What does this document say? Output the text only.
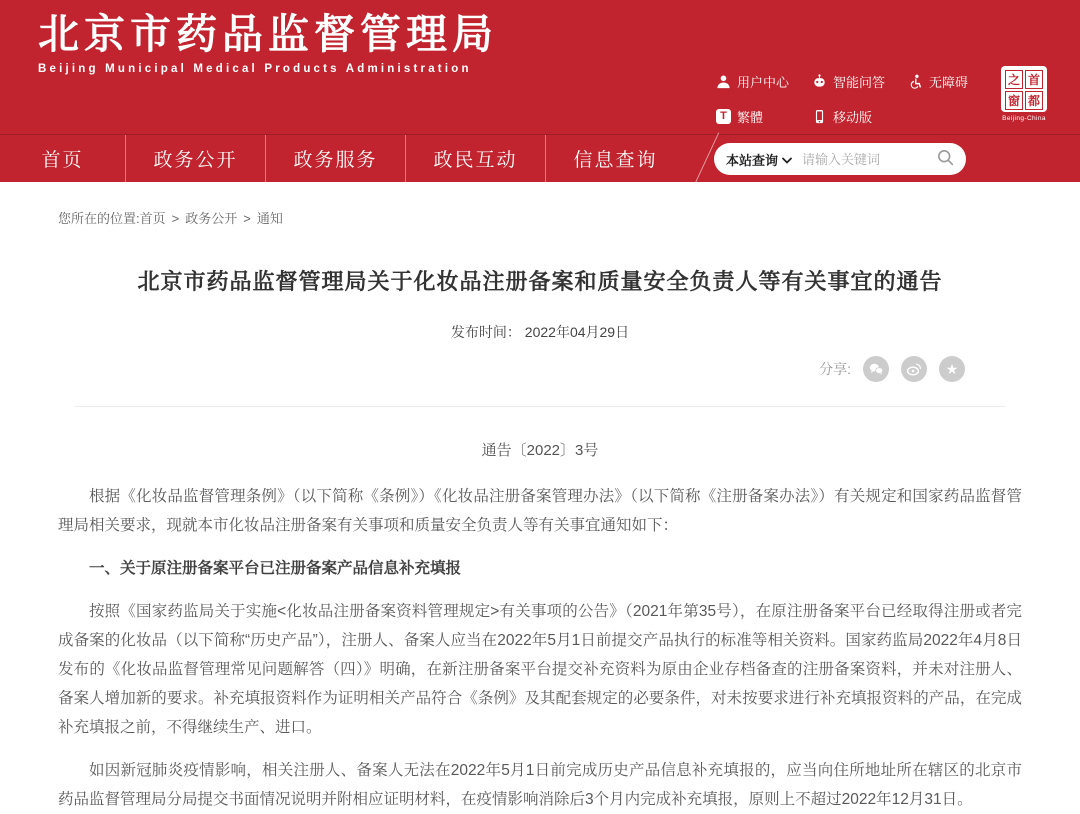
北京市药品监督管理局
Beijing Municipal Medical Products Administration
用户中心	智能问答	无障碍
T 繁體	移动版
之 首
窗 都
Beijing-China
首页	政务公开	政务服务	政民互动	信息查询	本站查询
请输入关键词
您所在的位置:首页 > 政务公开 > 通知
北京市药品监督管理局关于化妆品注册备案和质量安全负责人等有关事宜的通告
发布时间： 2022年04月29日
分享:	★
通告〔2022〕3号

根据《化妆品监督管理条例》（以下简称《条例》）《化妆品注册备案管理办法》（以下简称《注册备案办法》）有关规定和国家药品监督管理局相关要求，现就本市化妆品注册备案有关事项和质量安全负责人等有关事宜通知如下：

一、关于原注册备案平台已注册备案产品信息补充填报

按照《国家药监局关于实施<化妆品注册备案资料管理规定>有关事项的公告》（2021年第35号），在原注册备案平台已经取得注册或者完成备案的化妆品（以下简称“历史产品”），注册人、备案人应当在2022年5月1日前提交产品执行的标准等相关资料。国家药监局2022年4月8日发布的《化妆品监督管理常见问题解答（四）》明确，在新注册备案平台提交补充资料为原由企业存档备查的注册备案资料，并未对注册人、备案人增加新的要求。补充填报资料作为证明相关产品符合《条例》及其配套规定的必要条件，对未按要求进行补充填报资料的产品，在完成补充填报之前，不得继续生产、进口。

如因新冠肺炎疫情影响，相关注册人、备案人无法在2022年5月1日前完成历史产品信息补充填报的，应当向住所地址所在辖区的北京市药品监督管理局分局提交书面情况说明并附相应证明材料，在疫情影响消除后3个月内完成补充填报，原则上不超过2022年12月31日。
